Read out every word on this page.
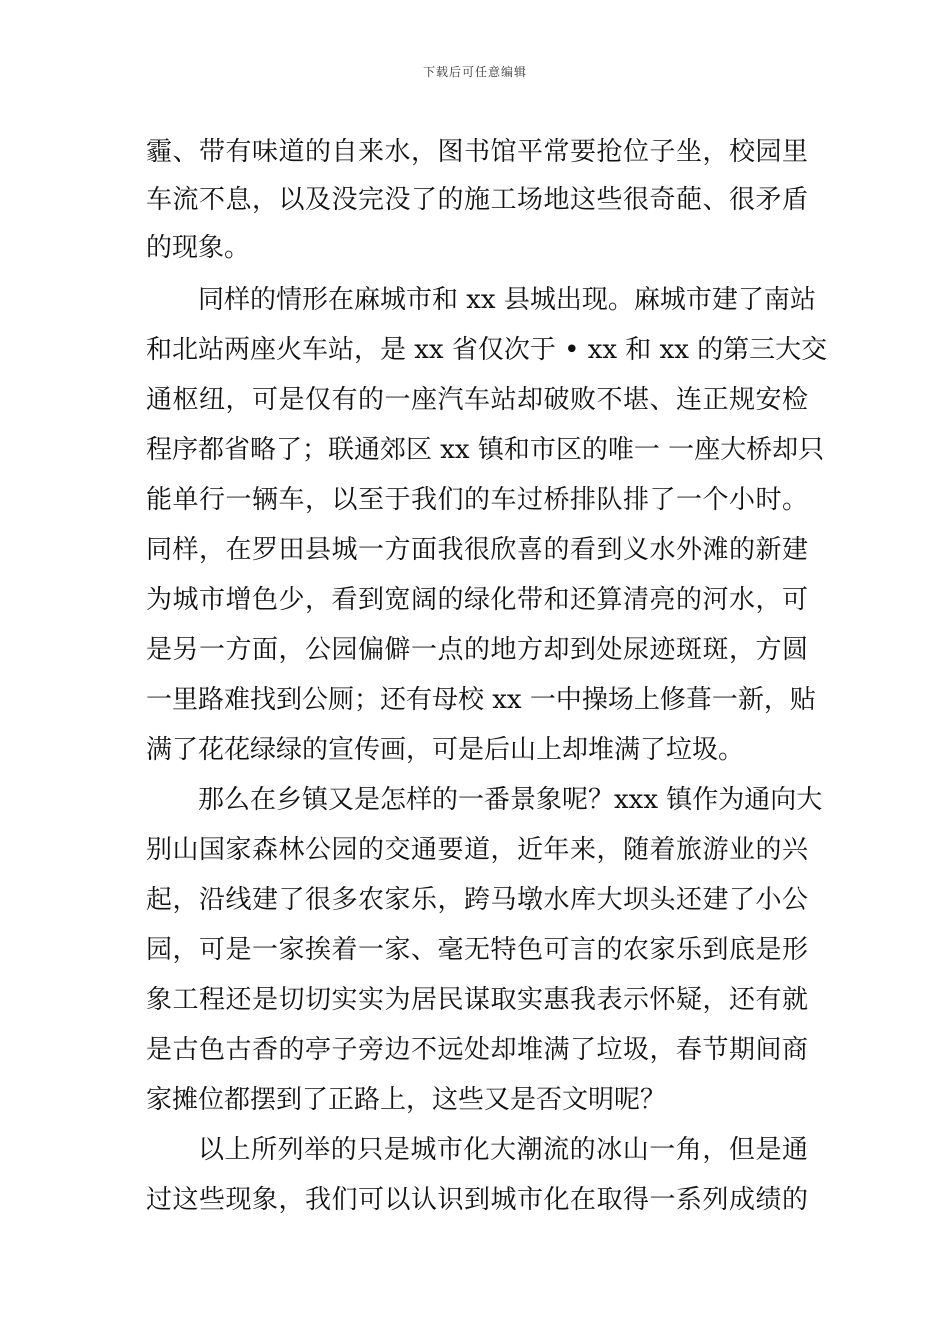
下载后可任意编辑
霾、带有味道的自来水，图书馆平常要抢位子坐，校园里
车流不息，以及没完没了的施工场地这些很奇葩、很矛盾
的现象。
同样的情形在麻城市和 xx 县城出现。麻城市建了南站
和北站两座火车站，是 xx 省仅次于 • xx 和 xx 的第三大交
通枢纽，可是仅有的一座汽车站却破败不堪、连正规安检
程序都省略了；联通郊区 xx 镇和市区的唯一 一座大桥却只
能单行一辆车，以至于我们的车过桥排队排了一个小时。
同样，在罗田县城一方面我很欣喜的看到义水外滩的新建
为城市增色少，看到宽阔的绿化带和还算清亮的河水，可
是另一方面，公园偏僻一点的地方却到处尿迹斑斑，方圆
一里路难找到公厕；还有母校 xx 一中操场上修葺一新，贴
满了花花绿绿的宣传画，可是后山上却堆满了垃圾。
那么在乡镇又是怎样的一番景象呢？xxx 镇作为通向大
别山国家森林公园的交通要道，近年来，随着旅游业的兴
起，沿线建了很多农家乐，跨马墩水库大坝头还建了小公
园，可是一家挨着一家、毫无特色可言的农家乐到底是形
象工程还是切切实实为居民谋取实惠我表示怀疑，还有就
是古色古香的亭子旁边不远处却堆满了垃圾，春节期间商
家摊位都摆到了正路上，这些又是否文明呢？
以上所列举的只是城市化大潮流的冰山一角，但是通
过这些现象，我们可以认识到城市化在取得一系列成绩的
